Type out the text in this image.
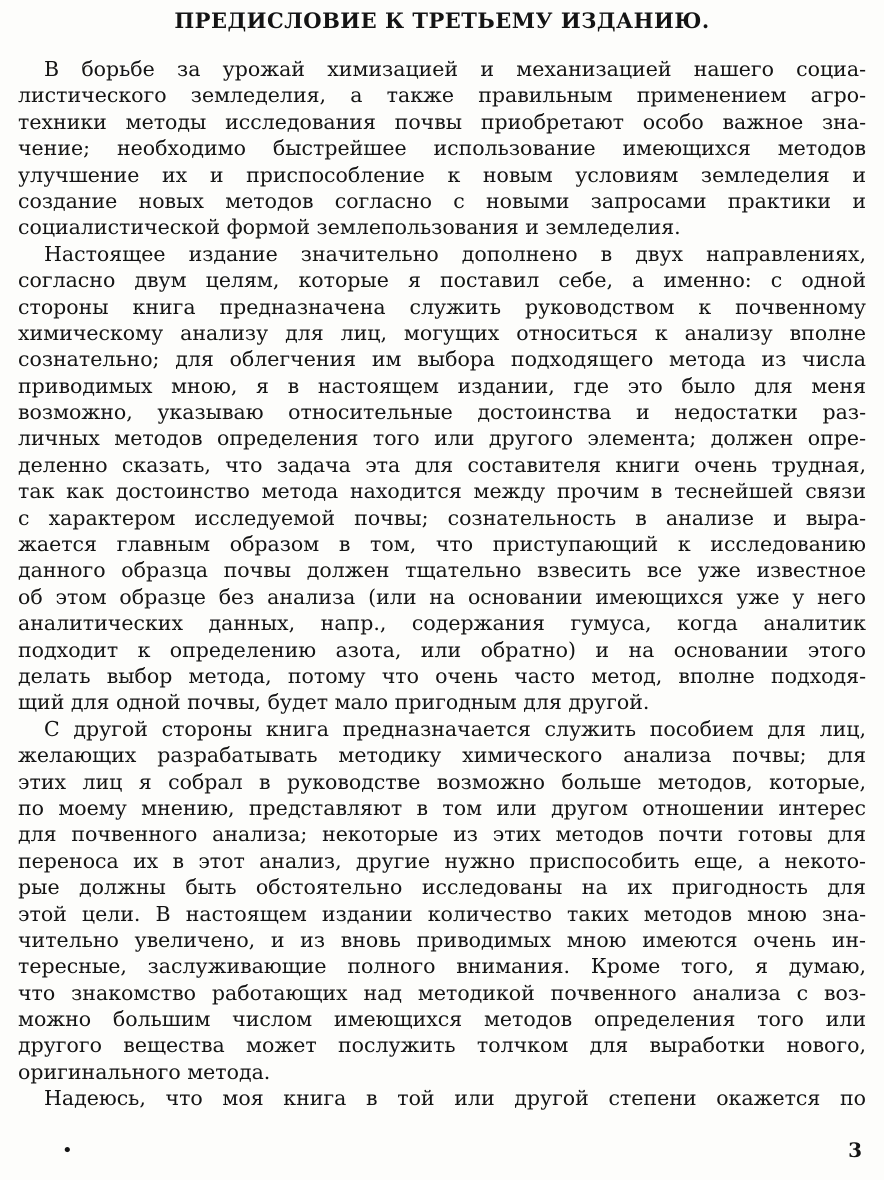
ПРЕДИСЛОВИЕ К ТРЕТЬЕМУ ИЗДАНИЮ.
В борьбе за урожай химизацией и механизацией нашего социа-
листического земледелия, а также правильным применением агро-
техники методы исследования почвы приобретают особо важное зна-
чение; необходимо быстрейшее использование имеющихся методов
улучшение их и приспособление к новым условиям земледелия и
создание новых методов согласно с новыми запросами практики и
социалистической формой землепользования и земледелия.
Настоящее издание значительно дополнено в двух направлениях,
согласно двум целям, которые я поставил себе, а именно: с одной
стороны книга предназначена служить руководством к почвенному
химическому анализу для лиц, могущих относиться к анализу вполне
сознательно; для облегчения им выбора подходящего метода из числа
приводимых мною, я в настоящем издании, где это было для меня
возможно, указываю относительные достоинства и недостатки раз-
личных методов определения того или другого элемента; должен опре-
деленно сказать, что задача эта для составителя книги очень трудная,
так как достоинство метода находится между прочим в теснейшей связи
с характером исследуемой почвы; сознательность в анализе и выра-
жается главным образом в том, что приступающий к исследованию
данного образца почвы должен тщательно взвесить все уже известное
об этом образце без анализа (или на основании имеющихся уже у него
аналитических данных, напр., содержания гумуса, когда аналитик
подходит к определению азота, или обратно) и на основании этого
делать выбор метода, потому что очень часто метод, вполне подходя-
щий для одной почвы, будет мало пригодным для другой.
С другой стороны книга предназначается служить пособием для лиц,
желающих разрабатывать методику химического анализа почвы; для
этих лиц я собрал в руководстве возможно больше методов, которые,
по моему мнению, представляют в том или другом отношении интерес
для почвенного анализа; некоторые из этих методов почти готовы для
переноса их в этот анализ, другие нужно приспособить еще, а некото-
рые должны быть обстоятельно исследованы на их пригодность для
этой цели. В настоящем издании количество таких методов мною зна-
чительно увеличено, и из вновь приводимых мною имеются очень ин-
тересные, заслуживающие полного внимания. Кроме того, я думаю,
что знакомство работающих над методикой почвенного анализа с воз-
можно большим числом имеющихся методов определения того или
другого вещества может послужить толчком для выработки нового,
оригинального метода.
Надеюсь, что моя книга в той или другой степени окажется по
•	3
